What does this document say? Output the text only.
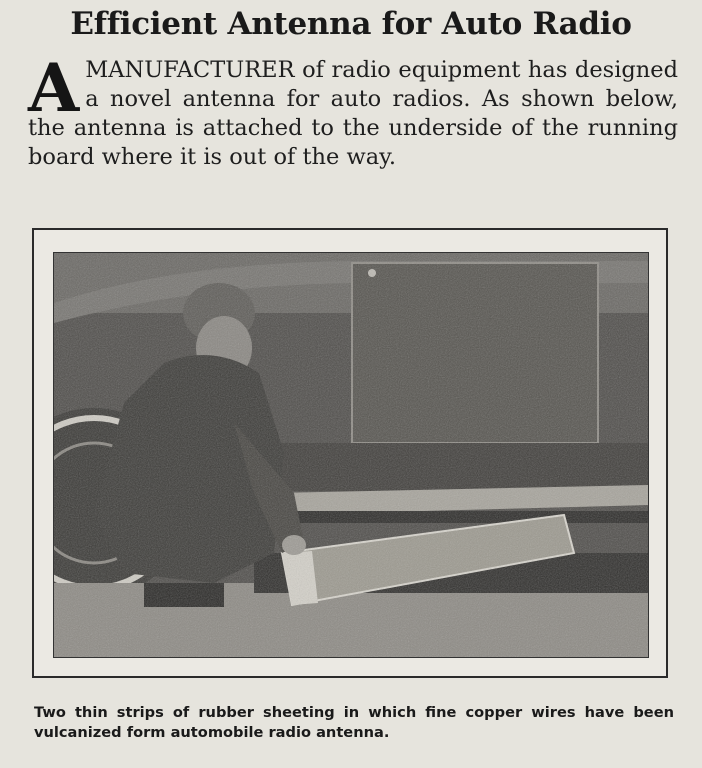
Efficient Antenna for Auto Radio
AMANUFACTURER of radio equipment has designed a novel antenna for auto radios. As shown below, the antenna is attached to the underside of the running board where it is out of the way.
Two thin strips of rubber sheeting in which fine copper wires have been vulcanized form automobile radio antenna.
